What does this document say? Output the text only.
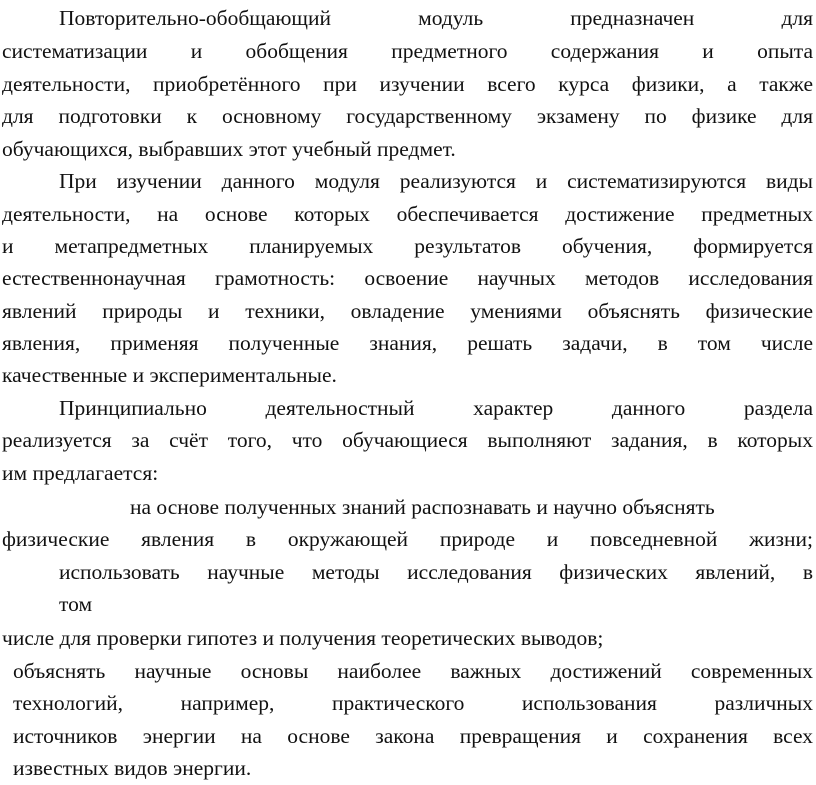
Повторительно-обобщающий модуль предназначен для
систематизации и обобщения предметного содержания и опыта
деятельности, приобретённого при изучении всего курса физики, а также
для подготовки к основному государственному экзамену по физике для
обучающихся, выбравших этот учебный предмет.
При изучении данного модуля реализуются и систематизируются виды
деятельности, на основе которых обеспечивается достижение предметных
и метапредметных планируемых результатов обучения, формируется
естественнонаучная грамотность: освоение научных методов исследования
явлений природы и техники, овладение умениями объяснять физические
явления, применяя полученные знания, решать задачи, в том числе
качественные и экспериментальные.
Принципиально деятельностный характер данного раздела
реализуется за счёт того, что обучающиеся выполняют задания, в которых
им предлагается:
на основе полученных знаний распознавать и научно объяснять
физические явления в окружающей природе и повседневной жизни;
использовать научные методы исследования физических явлений, в
том
числе для проверки гипотез и получения теоретических выводов;
объяснять научные основы наиболее важных достижений современных
технологий, например, практического использования различных
источников энергии на основе закона превращения и сохранения всех
известных видов энергии.
